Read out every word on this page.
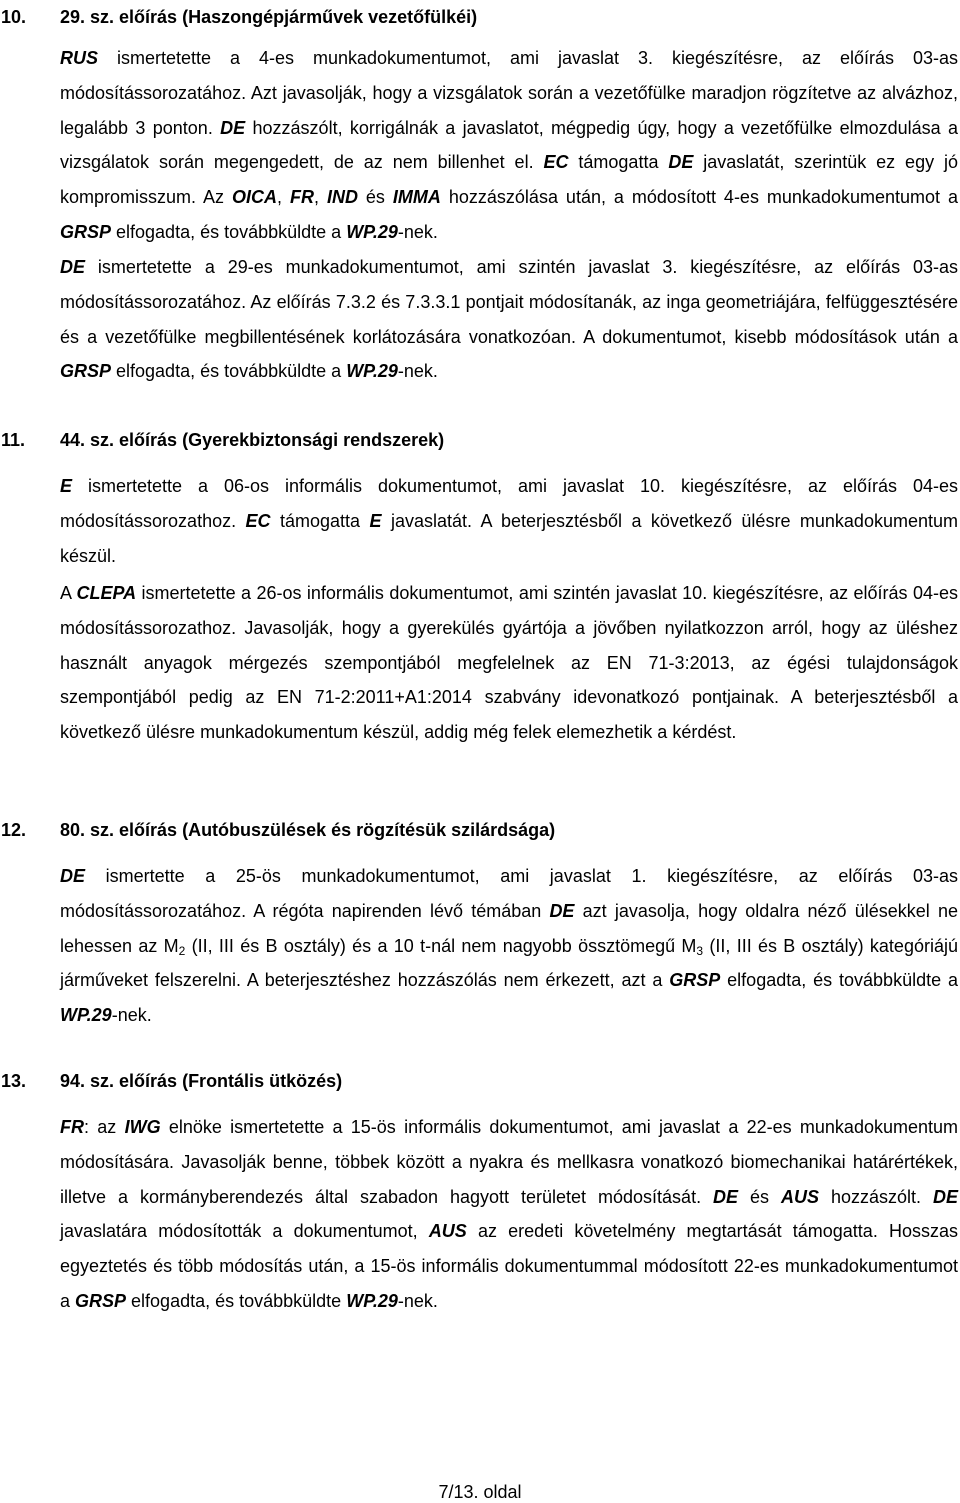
10. 29. sz. előírás (Haszongépjárművek vezetőfülkéi)
RUS ismertetette a 4-es munkadokumentumot, ami javaslat 3. kiegészítésre, az előírás 03-as módosítássorozatához. Azt javasolják, hogy a vizsgálatok során a vezetőfülke maradjon rögzítetve az alvázhoz, legalább 3 ponton. DE hozzászólt, korrigálnák a javaslatot, mégpedig úgy, hogy a vezetőfülke elmozdulása a vizsgálatok során megengedett, de az nem billenhet el. EC támogatta DE javaslatát, szerintük ez egy jó kompromisszum. Az OICA, FR, IND és IMMA hozzászólása után, a módosított 4-es munkadokumentumot a GRSP elfogadta, és továbbküldte a WP.29-nek.
DE ismertetette a 29-es munkadokumentumot, ami szintén javaslat 3. kiegészítésre, az előírás 03-as módosítássorozatához. Az előírás 7.3.2 és 7.3.3.1 pontjait módosítanák, az inga geometriájára, felfüggesztésére és a vezetőfülke megbillentésének korlátozására vonatkozóan. A dokumentumot, kisebb módosítások után a GRSP elfogadta, és továbbküldte a WP.29-nek.
11. 44. sz. előírás (Gyerekbiztonsági rendszerek)
E ismertetette a 06-os informális dokumentumot, ami javaslat 10. kiegészítésre, az előírás 04-es módosítássorozathoz. EC támogatta E javaslatát. A beterjesztésből a következő ülésre munkadokumentum készül.
A CLEPA ismertetette a 26-os informális dokumentumot, ami szintén javaslat 10. kiegészítésre, az előírás 04-es módosítássorozathoz. Javasolják, hogy a gyerekülés gyártója a jövőben nyilatkozzon arról, hogy az üléshez használt anyagok mérgezés szempontjából megfelelnek az EN 71-3:2013, az égési tulajdonságok szempontjából pedig az EN 71-2:2011+A1:2014 szabvány idevonatkozó pontjainak. A beterjesztésből a következő ülésre munkadokumentum készül, addig még felek elemezhetik a kérdést.
12. 80. sz. előírás (Autóbuszülések és rögzítésük szilárdsága)
DE ismertette a 25-ös munkadokumentumot, ami javaslat 1. kiegészítésre, az előírás 03-as módosítássorozatához. A régóta napirenden lévő témában DE azt javasolja, hogy oldalra néző ülésekkel ne lehessen az $M_2$ (II, III és B osztály) és a 10 t-nál nem nagyobb össztömegű $M_3$ (II, III és B osztály) kategóriájú járműveket felszerelni. A beterjesztéshez hozzászólás nem érkezett, azt a GRSP elfogadta, és továbbküldte a WP.29-nek.
13. 94. sz. előírás (Frontális ütközés)
FR: az IWG elnöke ismertetette a 15-ös informális dokumentumot, ami javaslat a 22-es munkadokumentum módosítására. Javasolják benne, többek között a nyakra és mellkasra vonatkozó biomechanikai határértékek, illetve a kormányberendezés által szabadon hagyott területet módosítását. DE és AUS hozzászólt. DE javaslatára módosították a dokumentumot, AUS az eredeti követelmény megtartását támogatta. Hosszas egyeztetés és több módosítás után, a 15-ös informális dokumentummal módosított 22-es munkadokumentumot a GRSP elfogadta, és továbbküldte WP.29-nek.
7/13. oldal
